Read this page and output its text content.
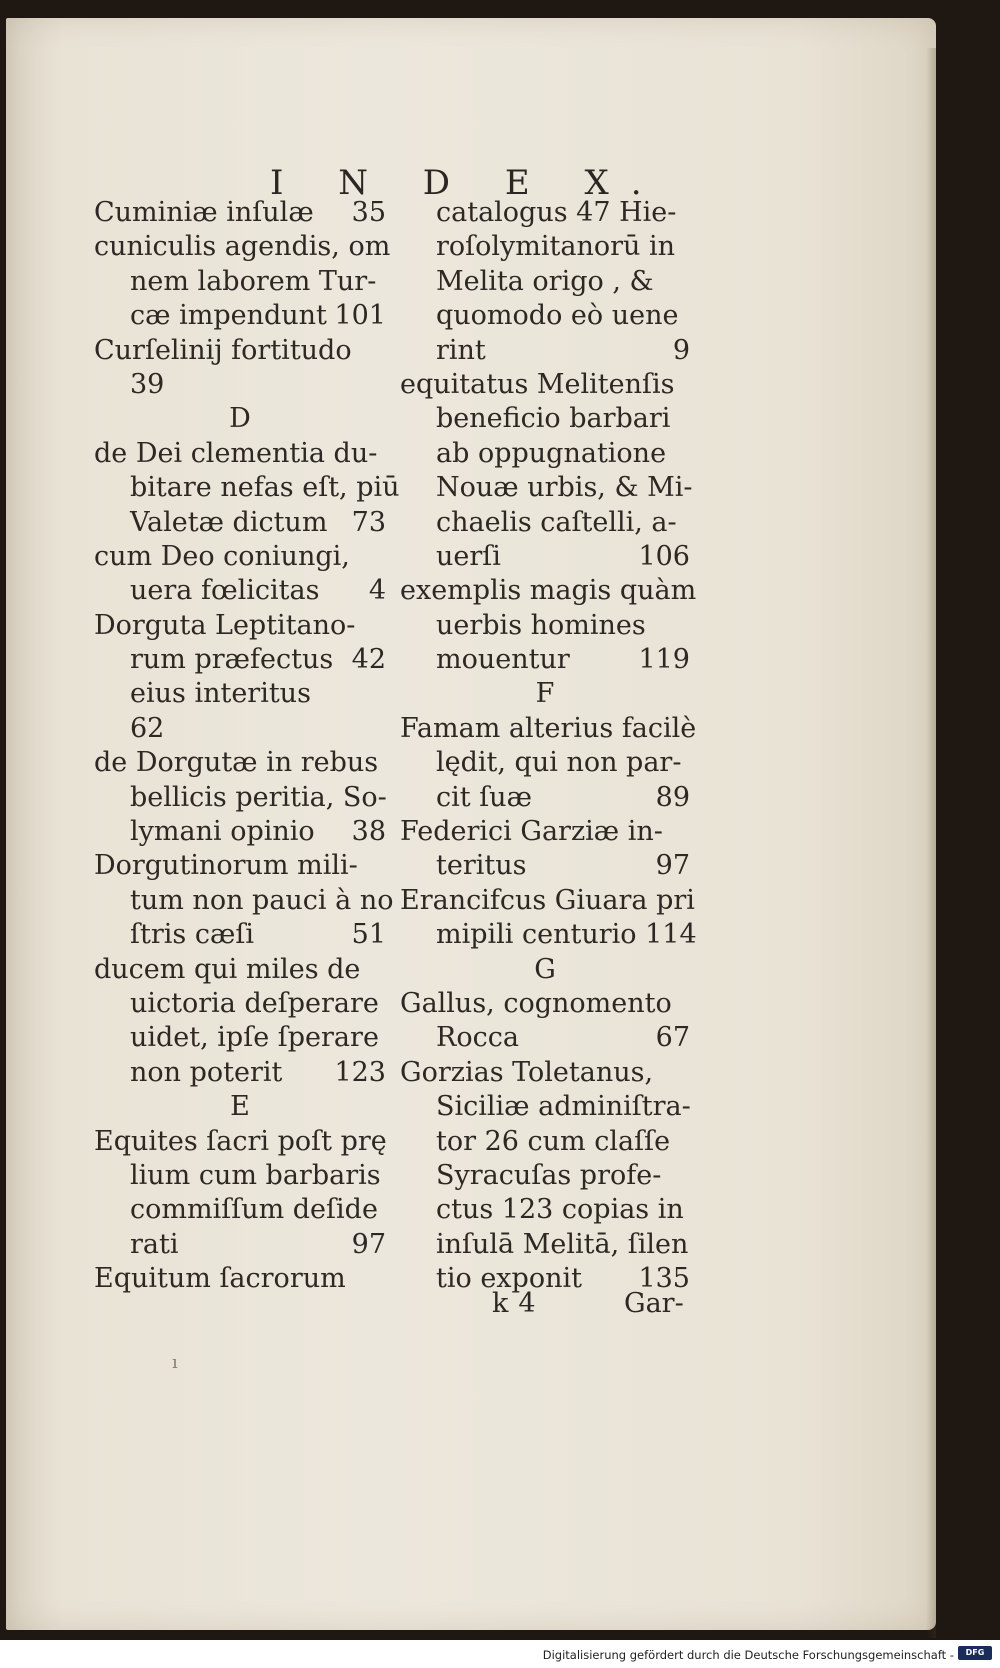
ı
I N D E X.
Cuminiæ inſulæ 35
cuniculis agendis, om
nem laborem Tur-
cæ impendunt 101
Curſelinij fortitudo
39
D
de Dei clementia du-
bitare nefas eſt, piū
Valetæ dictum 73
cum Deo coniungi,
uera fœlicitas 4
Dorguta Leptitano-
rum præfectus 42
eius interitus
62
de Dorgutæ in rebus
bellicis peritia, So-
lymani opinio 38
Dorgutinorum mili-
tum non pauci à no
ſtris cæſi	51
ducem qui miles de
uictoria deſperare
uidet, ipſe ſperare
non poterit 123
E
Equites ſacri poſt prę
lium cum barbaris
commiſſum deſide
rati	97
Equitum ſacrorum
catalogus 47 Hie-
roſolymitanorū in
Melita origo , &
quomodo eò uene
rint	9
equitatus Melitenſis
beneficio barbari
ab oppugnatione
Nouæ urbis, & Mi-
chaelis caſtelli, a-
uerſi	106
exemplis magis quàm
uerbis homines
mouentur	119
F
Famam alterius facilè
lędit, qui non par-
cit ſuæ	89
Federici Garziæ in-
teritus	97
Erancifcus Giuara pri
mipili centurio 114
G
Gallus, cognomento
Rocca	67
Gorzias Toletanus,
Siciliæ adminiſtra-
tor 26 cum claſſe
Syracuſas profe-
ctus 123 copias in
inſulā Melitā, ſilen
tio exponit 135
k 4	Gar-
Digitalisierung gefördert durch die Deutsche Forschungsgemeinschaft -	DFG
